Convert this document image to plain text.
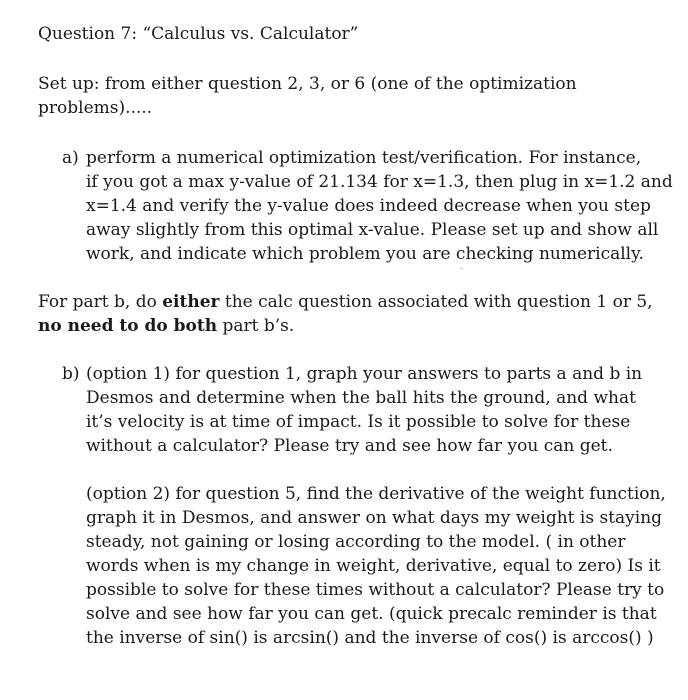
Question 7: “Calculus vs. Calculator”
Set up: from either question 2, 3, or 6 (one of the optimization
problems).....
a) perform a numerical optimization test/verification. For instance,
if you got a max y-value of 21.134 for x=1.3, then plug in x=1.2 and
x=1.4 and verify the y-value does indeed decrease when you step
away slightly from this optimal x-value. Please set up and show all
work, and indicate which problem you are checking numerically.
For part b, do either the calc question associated with question 1 or 5,
no need to do both part b’s.
b) (option 1) for question 1, graph your answers to parts a and b in
Desmos and determine when the ball hits the ground, and what
it’s velocity is at time of impact. Is it possible to solve for these
without a calculator? Please try and see how far you can get.
(option 2) for question 5, find the derivative of the weight function,
graph it in Desmos, and answer on what days my weight is staying
steady, not gaining or losing according to the model. ( in other
words when is my change in weight, derivative, equal to zero) Is it
possible to solve for these times without a calculator? Please try to
solve and see how far you can get. (quick precalc reminder is that
the inverse of sin() is arcsin() and the inverse of cos() is arccos() )
